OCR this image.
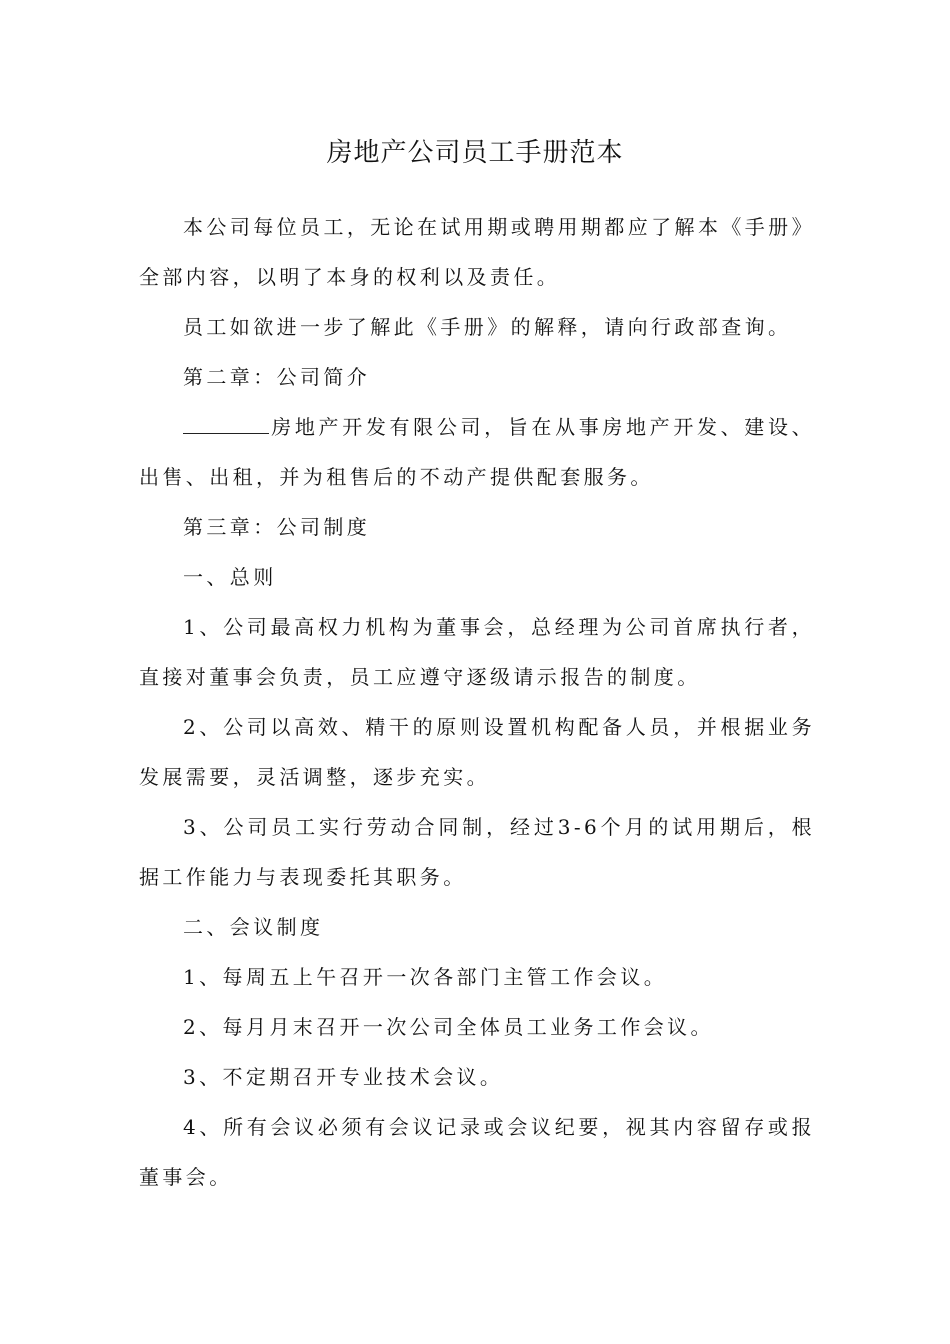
房地产公司员工手册范本

本公司每位员工，无论在试用期或聘用期都应了解本《手册》全部内容，以明了本身的权利以及责任。

员工如欲进一步了解此《手册》的解释，请向行政部查询。

第二章：公司简介

房地产开发有限公司，旨在从事房地产开发、建设、出售、出租，并为租售后的不动产提供配套服务。

第三章：公司制度

一、总则

1、公司最高权力机构为董事会，总经理为公司首席执行者，直接对董事会负责，员工应遵守逐级请示报告的制度。

2、公司以高效、精干的原则设置机构配备人员，并根据业务发展需要，灵活调整，逐步充实。

3、公司员工实行劳动合同制，经过3-6个月的试用期后，根据工作能力与表现委托其职务。

二、会议制度

1、每周五上午召开一次各部门主管工作会议。

2、每月月末召开一次公司全体员工业务工作会议。

3、不定期召开专业技术会议。

4、所有会议必须有会议记录或会议纪要，视其内容留存或报董事会。
